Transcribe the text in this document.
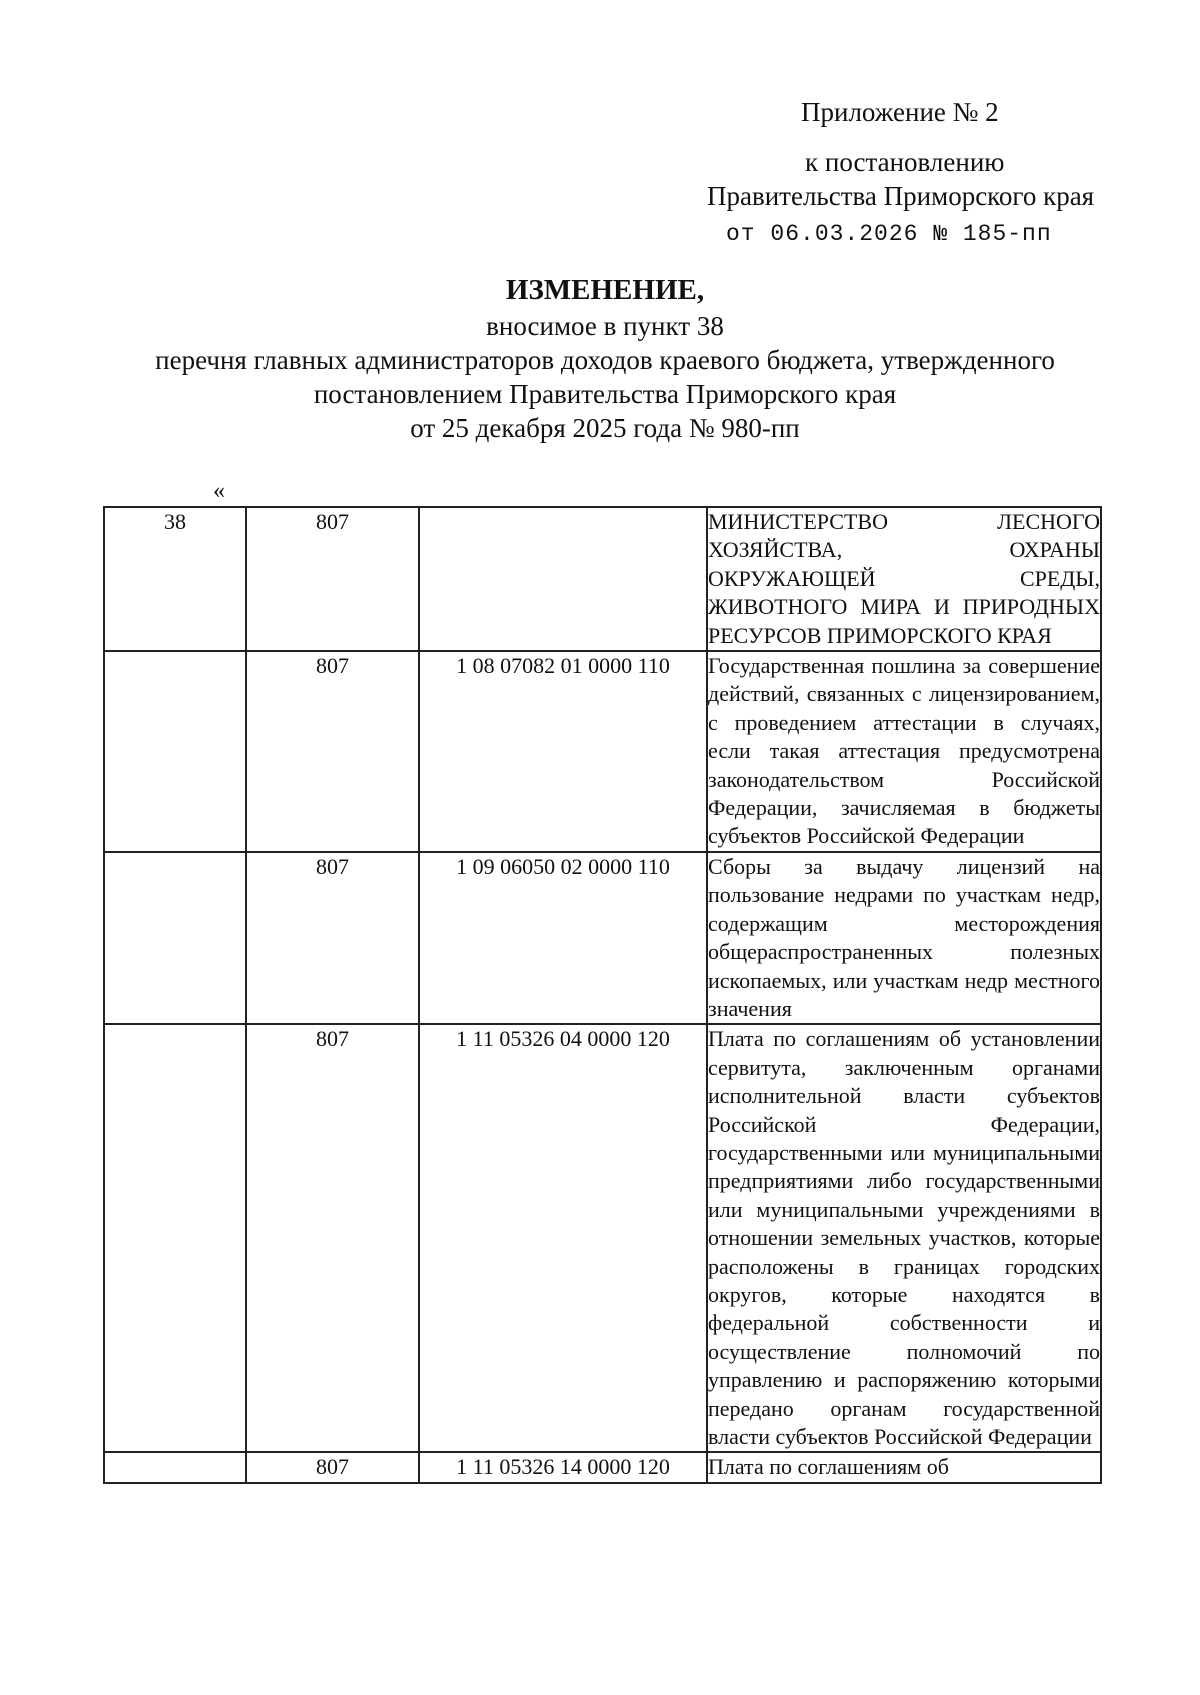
Приложение № 2
к постановлению
Правительства Приморского края
от 06.03.2026 № 185-пп
ИЗМЕНЕНИЕ,
вносимое в пункт 38
перечня главных администраторов доходов краевого бюджета, утвержденного
постановлением Правительства Приморского края
от 25 декабря 2025 года № 980-пп
«
38	807		МИНИСТЕРСТВО ЛЕСНОГО ХОЗЯЙСТВА, ОХРАНЫ ОКРУЖАЮЩЕЙ СРЕДЫ, ЖИВОТНОГО МИРА И ПРИРОДНЫХ РЕСУРСОВ ПРИМОРСКОГО КРАЯ

	807	1 08 07082 01 0000 110	Государственная пошлина за совершение действий, связанных с лицензированием, с проведением аттестации в случаях, если такая аттестация предусмотрена законодательством Российской Федерации, зачисляемая в бюджеты субъектов Российской Федерации

	807	1 09 06050 02 0000 110	Сборы за выдачу лицензий на пользование недрами по участкам недр, содержащим месторождения общераспространенных полезных ископаемых, или участкам недр местного значения

	807	1 11 05326 04 0000 120	Плата по соглашениям об установлении сервитута, заключенным органами исполнительной власти субъектов Российской Федерации, государственными или муниципальными предприятиями либо государственными или муниципальными учреждениями в отношении земельных участков, которые расположены в границах городских округов, которые находятся в федеральной собственности и осуществление полномочий по управлению и распоряжению которыми передано органам государственной власти субъектов Российской Федерации

	807	1 11 05326 14 0000 120	Плата по соглашениям об
